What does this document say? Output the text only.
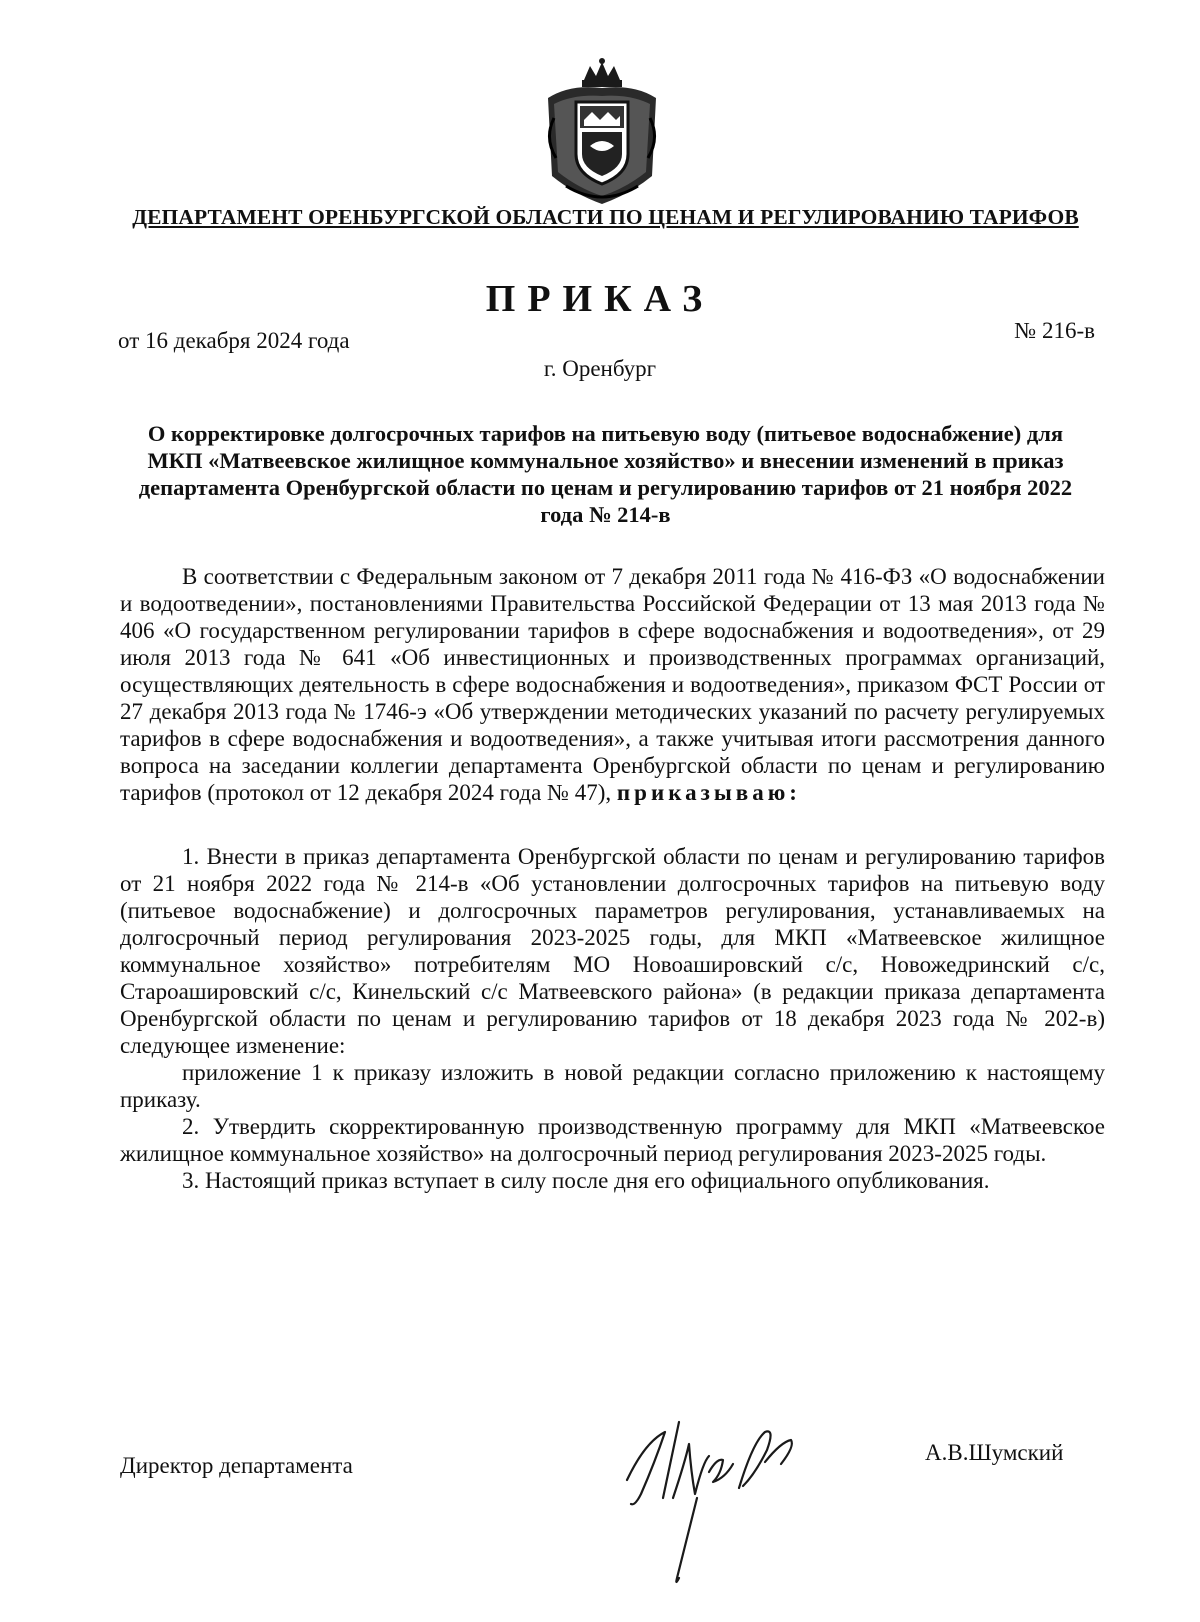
ДЕПАРТАМЕНТ ОРЕНБУРГСКОЙ ОБЛАСТИ ПО ЦЕНАМ И РЕГУЛИРОВАНИЮ ТАРИФОВ
ПРИКАЗ
от 16 декабря 2024 года	№ 216-в
г. Оренбург
О корректировке долгосрочных тарифов на питьевую воду (питьевое водоснабжение) для МКП «Матвеевское жилищное коммунальное хозяйство» и внесении изменений в приказ департамента Оренбургской области по ценам и регулированию тарифов от 21 ноября 2022 года № 214-в

В соответствии с Федеральным законом от 7 декабря 2011 года № 416-ФЗ «О водоснабжении и водоотведении», постановлениями Правительства Российской Федерации от 13 мая 2013 года № 406 «О государственном регулировании тарифов в сфере водоснабжения и водоотведения», от 29 июля 2013 года № 641 «Об инвестиционных и производственных программах организаций, осуществляющих деятельность в сфере водоснабжения и водоотведения», приказом ФСТ России от 27 декабря 2013 года № 1746-э «Об утверждении методических указаний по расчету регулируемых тарифов в сфере водоснабжения и водоотведения», а также учитывая итоги рассмотрения данного вопроса на заседании коллегии департамента Оренбургской области по ценам и регулированию тарифов (протокол от 12 декабря 2024 года № 47), приказываю:

1. Внести в приказ департамента Оренбургской области по ценам и регулированию тарифов от 21 ноября 2022 года № 214-в «Об установлении долгосрочных тарифов на питьевую воду (питьевое водоснабжение) и долгосрочных параметров регулирования, устанавливаемых на долгосрочный период регулирования 2023-2025 годы, для МКП «Матвеевское жилищное коммунальное хозяйство» потребителям МО Новоашировский с/с, Новожедринский с/с, Староашировский с/с, Кинельский с/с Матвеевского района» (в редакции приказа департамента Оренбургской области по ценам и регулированию тарифов от 18 декабря 2023 года № 202-в) следующее изменение:

приложение 1 к приказу изложить в новой редакции согласно приложению к настоящему приказу.

2. Утвердить скорректированную производственную программу для МКП «Матвеевское жилищное коммунальное хозяйство» на долгосрочный период регулирования 2023-2025 годы.

3. Настоящий приказ вступает в силу после дня его официального опубликования.

Директор департамента
А.В.Шумский
